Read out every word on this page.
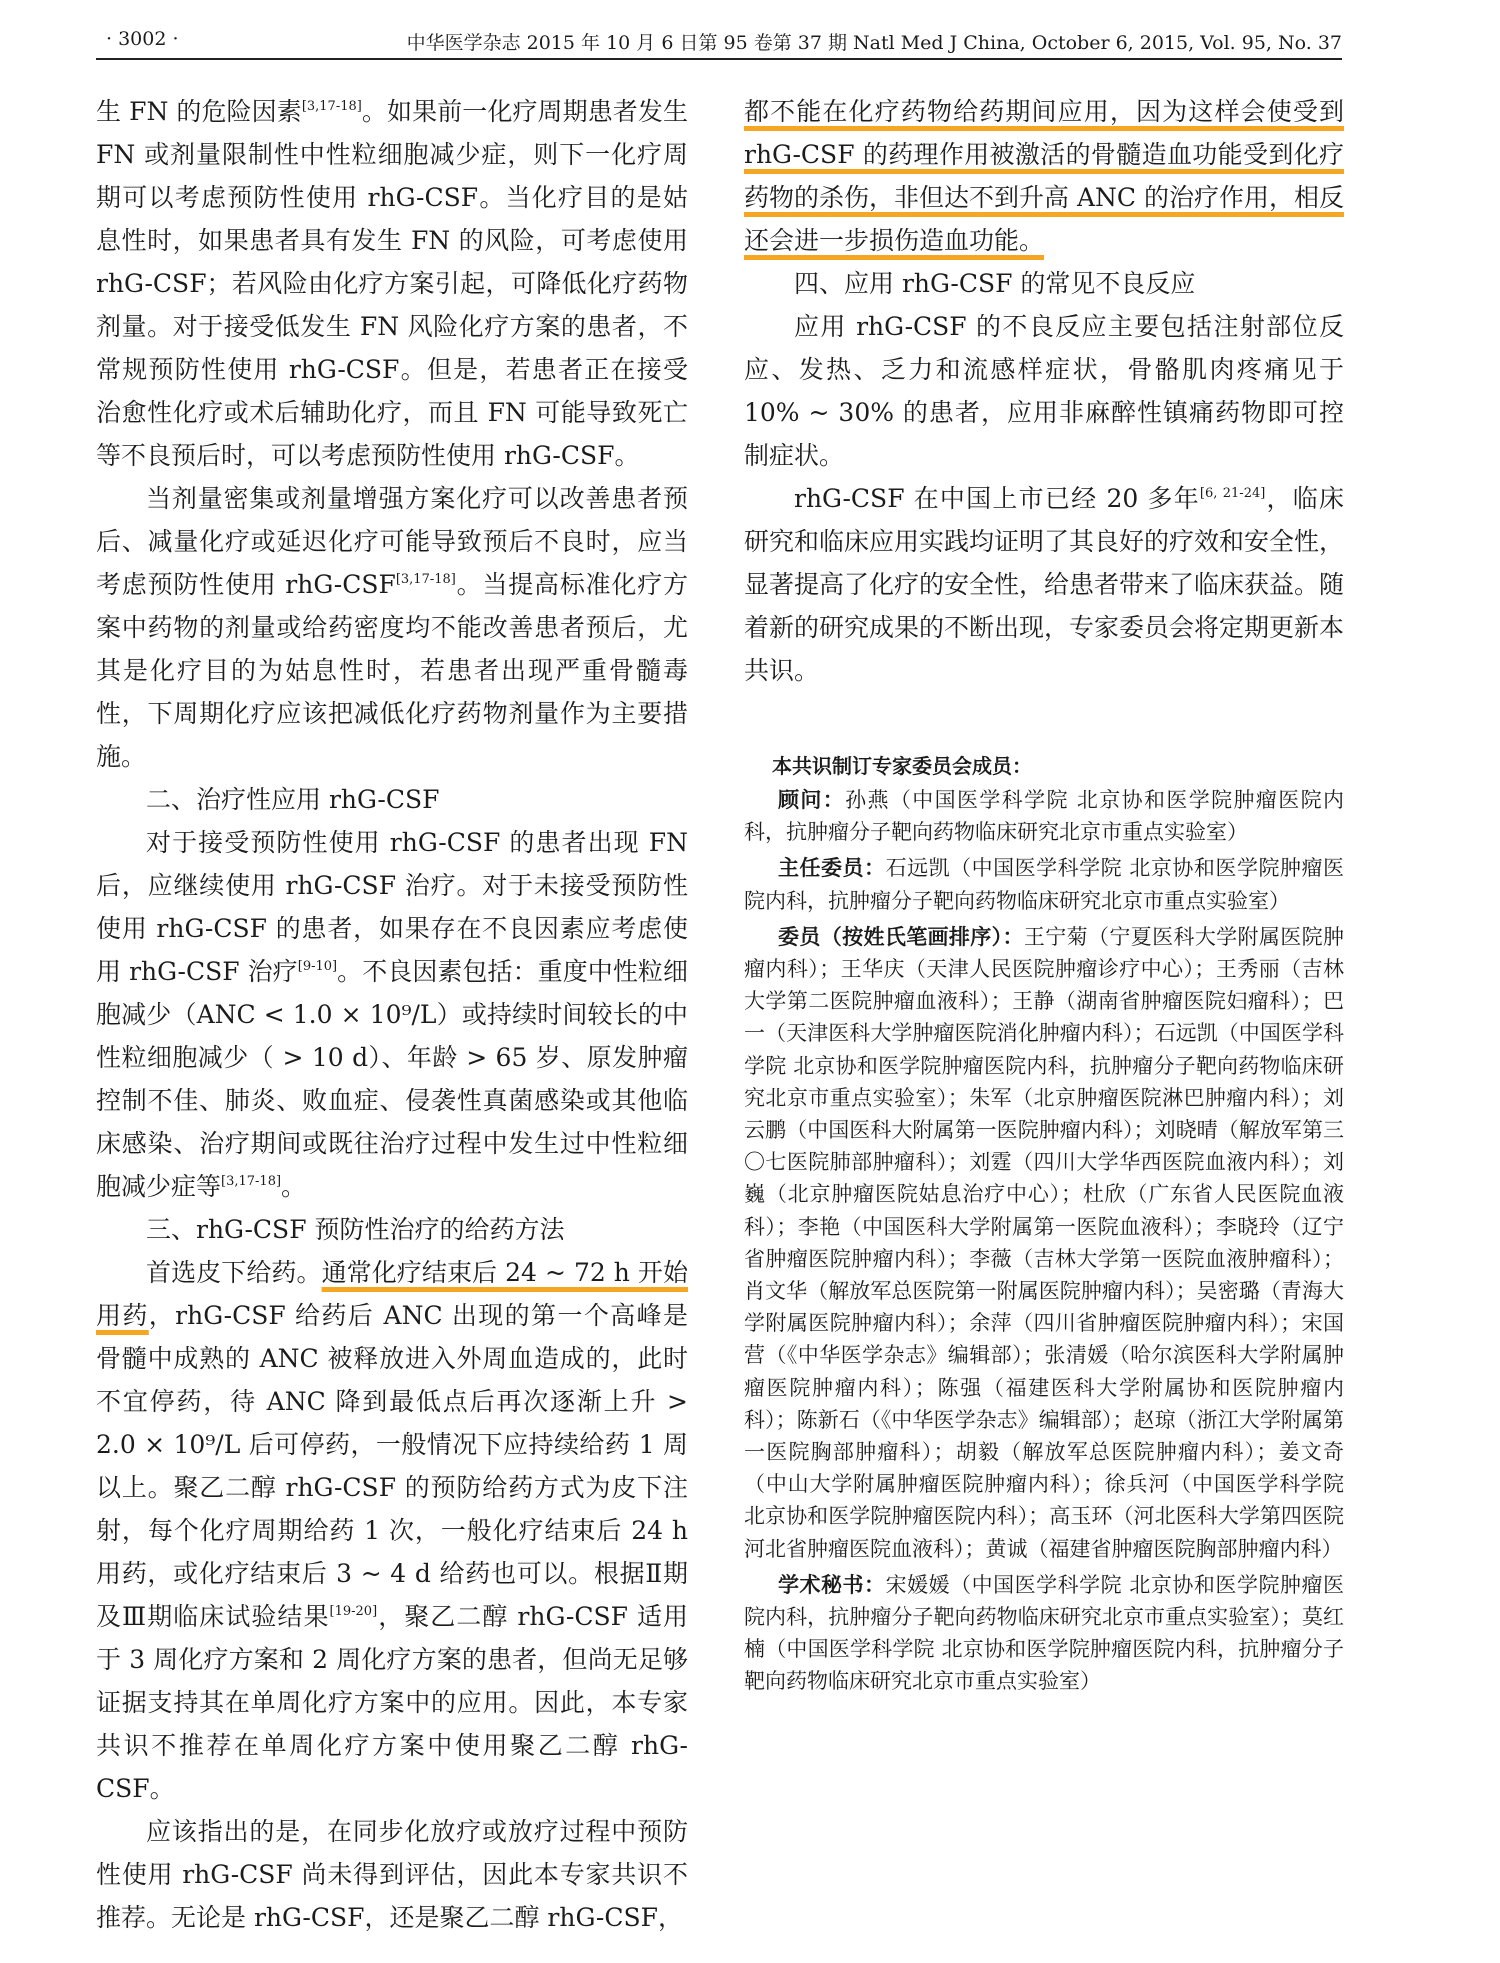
· 3002 ·	中华医学杂志 2015 年 10 月 6 日第 95 卷第 37 期 Natl Med J China, October 6, 2015, Vol. 95, No. 37

生 FN 的危险因素[3,17-18]。如果前一化疗周期患者发生 FN 或剂量限制性中性粒细胞减少症，则下一化疗周期可以考虑预防性使用 rhG-CSF。当化疗目的是姑息性时，如果患者具有发生 FN 的风险，可考虑使用 rhG-CSF；若风险由化疗方案引起，可降低化疗药物剂量。对于接受低发生 FN 风险化疗方案的患者，不常规预防性使用 rhG-CSF。但是，若患者正在接受治愈性化疗或术后辅助化疗，而且 FN 可能导致死亡等不良预后时，可以考虑预防性使用 rhG-CSF。

当剂量密集或剂量增强方案化疗可以改善患者预后、减量化疗或延迟化疗可能导致预后不良时，应当考虑预防性使用 rhG-CSF[3,17-18]。当提高标准化疗方案中药物的剂量或给药密度均不能改善患者预后，尤其是化疗目的为姑息性时，若患者出现严重骨髓毒性，下周期化疗应该把减低化疗药物剂量作为主要措施。

二、治疗性应用 rhG-CSF

对于接受预防性使用 rhG-CSF 的患者出现 FN 后，应继续使用 rhG-CSF 治疗。对于未接受预防性使用 rhG-CSF 的患者，如果存在不良因素应考虑使用 rhG-CSF 治疗[9-10]。不良因素包括：重度中性粒细胞减少（ANC < 1.0 × 10⁹/L）或持续时间较长的中性粒细胞减少（ > 10 d）、年龄 > 65 岁、原发肿瘤控制不佳、肺炎、败血症、侵袭性真菌感染或其他临床感染、治疗期间或既往治疗过程中发生过中性粒细胞减少症等[3,17-18]。

三、rhG-CSF 预防性治疗的给药方法

首选皮下给药。通常化疗结束后 24 ~ 72 h 开始用药，rhG-CSF 给药后 ANC 出现的第一个高峰是骨髓中成熟的 ANC 被释放进入外周血造成的，此时不宜停药，待 ANC 降到最低点后再次逐渐上升 > 2.0 × 10⁹/L 后可停药，一般情况下应持续给药 1 周以上。聚乙二醇 rhG-CSF 的预防给药方式为皮下注射，每个化疗周期给药 1 次，一般化疗结束后 24 h 用药，或化疗结束后 3 ~ 4 d 给药也可以。根据Ⅱ期及Ⅲ期临床试验结果[19-20]，聚乙二醇 rhG-CSF 适用于 3 周化疗方案和 2 周化疗方案的患者，但尚无足够证据支持其在单周化疗方案中的应用。因此，本专家共识不推荐在单周化疗方案中使用聚乙二醇 rhG-CSF。

应该指出的是，在同步化放疗或放疗过程中预防性使用 rhG-CSF 尚未得到评估，因此本专家共识不推荐。无论是 rhG-CSF，还是聚乙二醇 rhG-CSF，

都不能在化疗药物给药期间应用，因为这样会使受到 rhG-CSF 的药理作用被激活的骨髓造血功能受到化疗药物的杀伤，非但达不到升高 ANC 的治疗作用，相反还会进一步损伤造血功能。

四、应用 rhG-CSF 的常见不良反应

应用 rhG-CSF 的不良反应主要包括注射部位反应、发热、乏力和流感样症状，骨骼肌肉疼痛见于 10% ~ 30% 的患者，应用非麻醉性镇痛药物即可控制症状。

rhG-CSF 在中国上市已经 20 多年[6, 21-24]，临床研究和临床应用实践均证明了其良好的疗效和安全性，显著提高了化疗的安全性，给患者带来了临床获益。随着新的研究成果的不断出现，专家委员会将定期更新本共识。

本共识制订专家委员会成员：

顾问：孙燕（中国医学科学院 北京协和医学院肿瘤医院内科，抗肿瘤分子靶向药物临床研究北京市重点实验室）

主任委员：石远凯（中国医学科学院 北京协和医学院肿瘤医院内科，抗肿瘤分子靶向药物临床研究北京市重点实验室）

委员（按姓氏笔画排序）：王宁菊（宁夏医科大学附属医院肿瘤内科）；王华庆（天津人民医院肿瘤诊疗中心）；王秀丽（吉林大学第二医院肿瘤血液科）；王静（湖南省肿瘤医院妇瘤科）；巴一（天津医科大学肿瘤医院消化肿瘤内科）；石远凯（中国医学科学院 北京协和医学院肿瘤医院内科，抗肿瘤分子靶向药物临床研究北京市重点实验室）；朱军（北京肿瘤医院淋巴肿瘤内科）；刘云鹏（中国医科大附属第一医院肿瘤内科）；刘晓晴（解放军第三〇七医院肺部肿瘤科）；刘霆（四川大学华西医院血液内科）；刘巍（北京肿瘤医院姑息治疗中心）；杜欣（广东省人民医院血液科）；李艳（中国医科大学附属第一医院血液科）；李晓玲（辽宁省肿瘤医院肿瘤内科）；李薇（吉林大学第一医院血液肿瘤科）；肖文华（解放军总医院第一附属医院肿瘤内科）；吴密璐（青海大学附属医院肿瘤内科）；余萍（四川省肿瘤医院肿瘤内科）；宋国营（《中华医学杂志》编辑部）；张清媛（哈尔滨医科大学附属肿瘤医院肿瘤内科）；陈强（福建医科大学附属协和医院肿瘤内科）；陈新石（《中华医学杂志》编辑部）；赵琼（浙江大学附属第一医院胸部肿瘤科）；胡毅（解放军总医院肿瘤内科）；姜文奇（中山大学附属肿瘤医院肿瘤内科）；徐兵河（中国医学科学院 北京协和医学院肿瘤医院内科）；高玉环（河北医科大学第四医院河北省肿瘤医院血液科）；黄诚（福建省肿瘤医院胸部肿瘤内科）

学术秘书：宋媛媛（中国医学科学院 北京协和医学院肿瘤医院内科，抗肿瘤分子靶向药物临床研究北京市重点实验室）；莫红楠（中国医学科学院 北京协和医学院肿瘤医院内科，抗肿瘤分子靶向药物临床研究北京市重点实验室）
